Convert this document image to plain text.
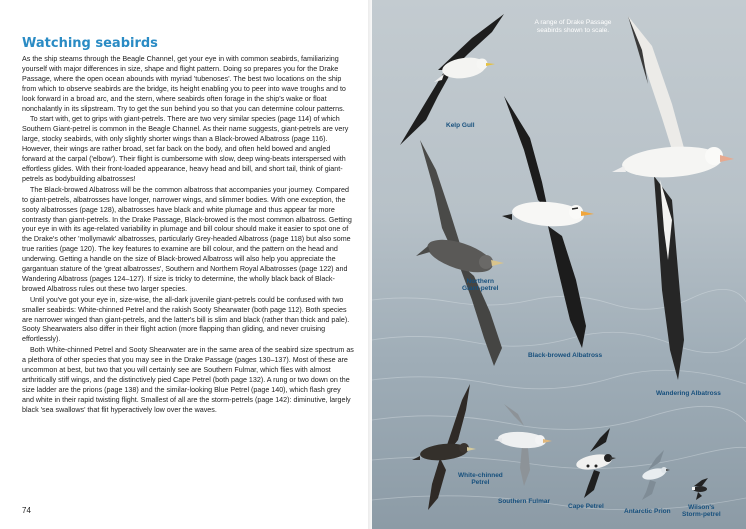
Watching seabirds

As the ship steams through the Beagle Channel, get your eye in with common seabirds, familiarizing yourself with major differences in size, shape and flight pattern. Doing so prepares you for the Drake Passage, where the open ocean abounds with myriad 'tubenoses'. The best two locations on the ship from which to observe seabirds are the bridge, its height enabling you to peer into wave troughs and to look forward in a broad arc, and the stern, where seabirds often forage in the ship's wake or float nonchalantly in its slipstream. Try to get the sun behind you so that you can determine colour patterns.

To start with, get to grips with giant-petrels. There are two very similar species (page 114) of which Southern Giant-petrel is common in the Beagle Channel. As their name suggests, giant-petrels are very large, stocky seabirds, with only slightly shorter wings than a Black-browed Albatross (page 116). However, their wings are rather broad, set far back on the body, and often held bowed and angled forward at the carpal ('elbow'). Their flight is cumbersome with slow, deep wing-beats interspersed with effortless glides. With their front-loaded appearance, heavy head and bill, and short tail, think of giant-petrels as bodybuilding albatrosses!

The Black-browed Albatross will be the common albatross that accompanies your journey. Compared to giant-petrels, albatrosses have longer, narrower wings, and slimmer bodies. With one exception, the sooty albatrosses (page 128), albatrosses have black and white plumage and thus appear far more contrasty than giant-petrels. In the Drake Passage, Black-browed is the most common albatross. Getting your eye in with its age-related variability in plumage and bill colour should make it easier to spot one of the Drake's other 'mollymawk' albatrosses, particularly Grey-headed Albatross (page 118) but also some true rarities (page 120). The key features to examine are bill colour, and the pattern on the head and underwing. Getting a handle on the size of Black-browed Albatross will also help you appreciate the gargantuan stature of the 'great albatrosses', Southern and Northern Royal Albatrosses (page 122) and Wandering Albatross (pages 124–127). If size is tricky to determine, the wholly black back of Black-browed Albatross rules out these two larger species.

Until you've got your eye in, size-wise, the all-dark juvenile giant-petrels could be confused with two smaller seabirds: White-chinned Petrel and the rakish Sooty Shearwater (both page 112). Both species are narrower winged than giant-petrels, and the latter's bill is slim and black (rather than thick and pale). Sooty Shearwaters also differ in their flight action (more flapping than gliding, and never cruising effortlessly).

Both White-chinned Petrel and Sooty Shearwater are in the same area of the seabird size spectrum as a plethora of other species that you may see in the Drake Passage (pages 130–137). Most of these are uncommon at best, but two that you will certainly see are Southern Fulmar, which flies with almost arthritically stiff wings, and the distinctively pied Cape Petrel (both page 132). A rung or two down on the size ladder are the prions (page 138) and the similar-looking Blue Petrel (page 140), which flash grey and white in their rapid twisting flight. Smallest of all are the storm-petrels (page 142): diminutive, largely black 'sea swallows' that flit hyperactively low over the waves.

74
A range of Drake Passage seabirds shown to scale.
Kelp Gull
Northern
Giant-petrel
Black-browed Albatross
Wandering Albatross
White-chinned
Petrel
Southern Fulmar
Cape Petrel
Antarctic Prion
Wilson's
Storm-petrel
